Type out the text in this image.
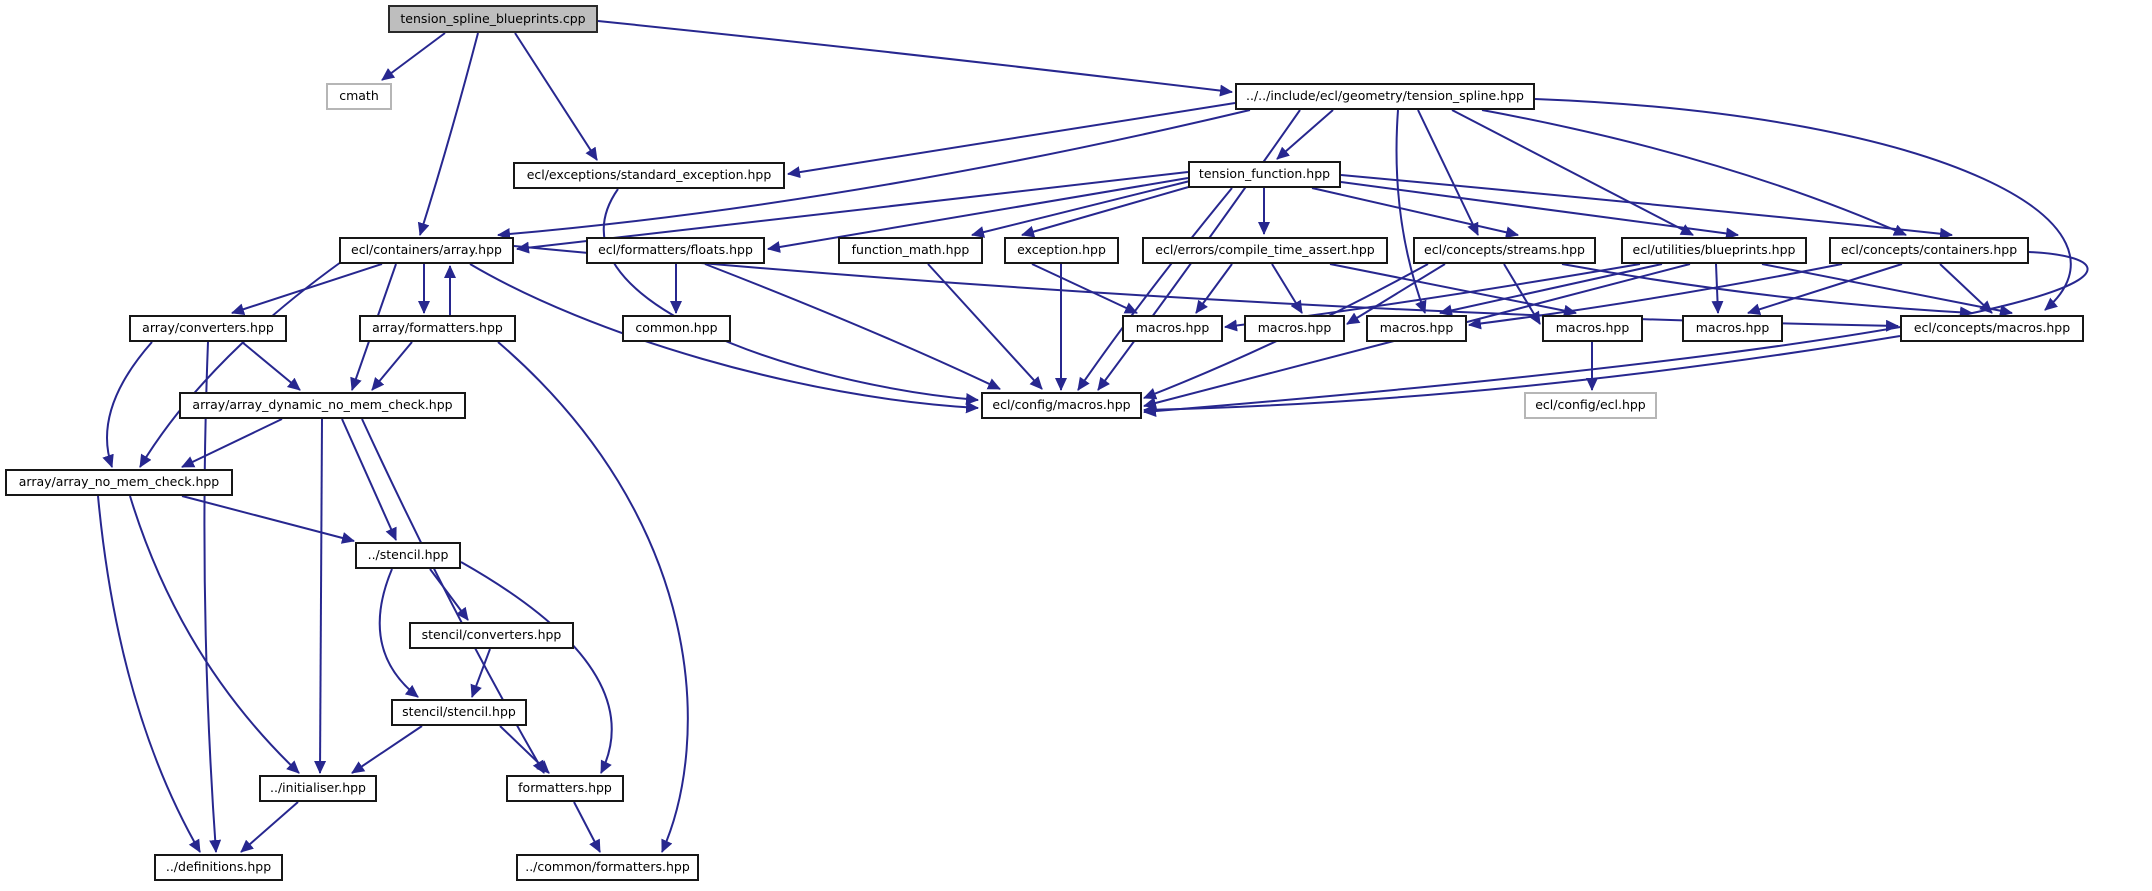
tension_spline_blueprints.cpp
cmath	../../include/ecl/geometry/tension_spline.hpp
ecl/exceptions/standard_exception.hpp	tension_function.hpp
ecl/containers/array.hpp	ecl/formatters/floats.hpp	function_math.hpp	exception.hpp	ecl/errors/compile_time_assert.hpp	ecl/concepts/streams.hpp	ecl/utilities/blueprints.hpp	ecl/concepts/containers.hpp
array/converters.hpp	array/formatters.hpp	common.hpp	macros.hpp	macros.hpp	macros.hpp	macros.hpp	macros.hpp	ecl/concepts/macros.hpp
array/array_dynamic_no_mem_check.hpp	ecl/config/macros.hpp	ecl/config/ecl.hpp
array/array_no_mem_check.hpp
../stencil.hpp
stencil/converters.hpp
stencil/stencil.hpp
../initialiser.hpp	formatters.hpp
../definitions.hpp	../common/formatters.hpp
